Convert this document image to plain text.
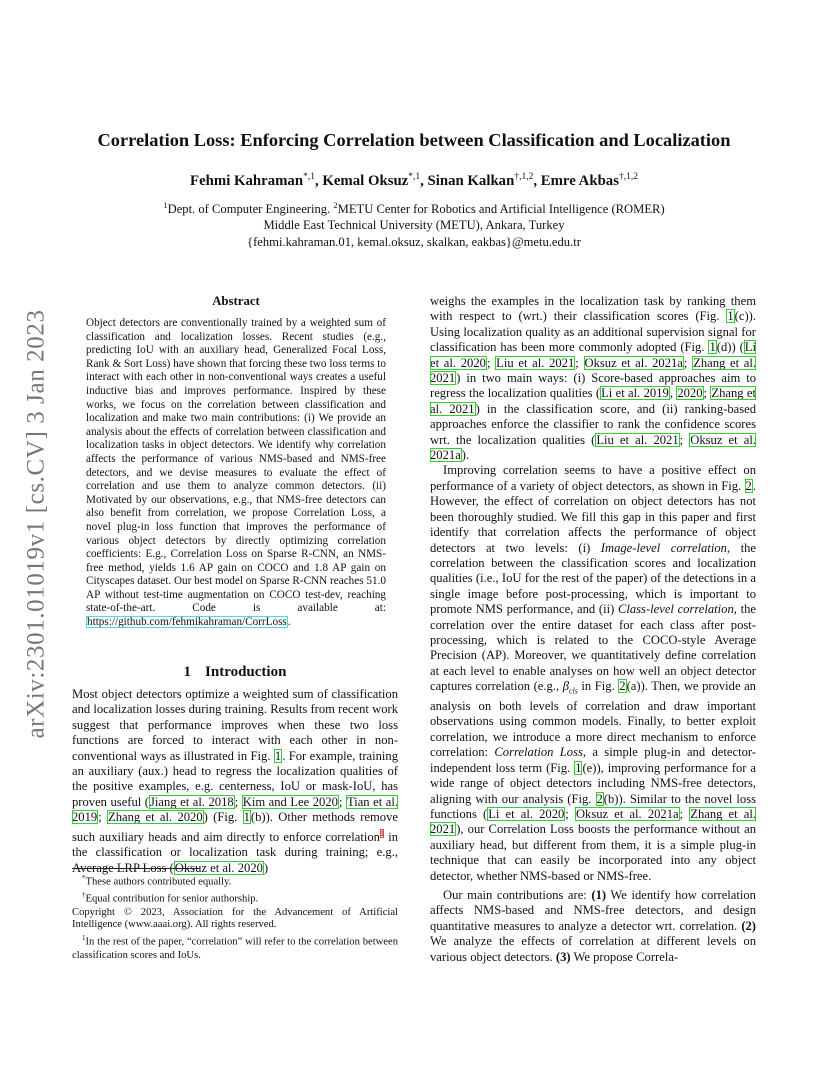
arXiv:2301.01019v1 [cs.CV] 3 Jan 2023
Correlation Loss: Enforcing Correlation between Classification and Localization
Fehmi Kahraman$^{*,1}$, Kemal Oksuz$^{*,1}$, Sinan Kalkan$^{\dagger,1,2}$, Emre Akbas$^{\dagger,1,2}$
$^1$Dept. of Computer Engineering. $^2$METU Center for Robotics and Artificial Intelligence (ROMER)
Middle East Technical University (METU), Ankara, Turkey
{fehmi.kahraman.01, kemal.oksuz, skalkan, eakbas}@metu.edu.tr
Abstract

Object detectors are conventionally trained by a weighted sum of classification and localization losses. Recent studies (e.g., predicting IoU with an auxiliary head, Generalized Focal Loss, Rank & Sort Loss) have shown that forcing these two loss terms to interact with each other in non-conventional ways creates a useful inductive bias and improves performance. Inspired by these works, we focus on the correlation between classification and localization and make two main contributions: (i) We provide an analysis about the effects of correlation between classification and localization tasks in object detectors. We identify why correlation affects the performance of various NMS-based and NMS-free detectors, and we devise measures to evaluate the effect of correlation and use them to analyze common detectors. (ii) Motivated by our observations, e.g., that NMS-free detectors can also benefit from correlation, we propose Correlation Loss, a novel plug-in loss function that improves the performance of various object detectors by directly optimizing correlation coefficients: E.g., Correlation Loss on Sparse R-CNN, an NMS-free method, yields 1.6 AP gain on COCO and 1.8 AP gain on Cityscapes dataset. Our best model on Sparse R-CNN reaches 51.0 AP without test-time augmentation on COCO test-dev, reaching state-of-the-art. Code is available at: https://github.com/fehmikahraman/CorrLoss.

1 Introduction

Most object detectors optimize a weighted sum of classification and localization losses during training. Results from recent work suggest that performance improves when these two loss functions are forced to interact with each other in non-conventional ways as illustrated in Fig. 1. For example, training an auxiliary (aux.) head to regress the localization qualities of the positive examples, e.g. centerness, IoU or mask-IoU, has proven useful (Jiang et al. 2018; Kim and Lee 2020; Tian et al. 2019; Zhang et al. 2020) (Fig. 1(b)). Other methods remove such auxiliary heads and aim directly to enforce correlation$^1$ in the classification or localization task during training; e.g., Average LRP Loss (Oksuz et al. 2020)

*These authors contributed equally.

†Equal contribution for senior authorship.

Copyright © 2023, Association for the Advancement of Artificial Intelligence (www.aaai.org). All rights reserved.

$^1$In the rest of the paper, “correlation” will refer to the correlation between classification scores and IoUs.

weighs the examples in the localization task by ranking them with respect to (wrt.) their classification scores (Fig. 1(c)). Using localization quality as an additional supervision signal for classification has been more commonly adopted (Fig. 1(d)) (Li et al. 2020; Liu et al. 2021; Oksuz et al. 2021a; Zhang et al. 2021) in two main ways: (i) Score-based approaches aim to regress the localization qualities (Li et al. 2019, 2020; Zhang et al. 2021) in the classification score, and (ii) ranking-based approaches enforce the classifier to rank the confidence scores wrt. the localization qualities (Liu et al. 2021; Oksuz et al. 2021a).

Improving correlation seems to have a positive effect on performance of a variety of object detectors, as shown in Fig. 2. However, the effect of correlation on object detectors has not been thoroughly studied. We fill this gap in this paper and first identify that correlation affects the performance of object detectors at two levels: (i) Image-level correlation, the correlation between the classification scores and localization qualities (i.e., IoU for the rest of the paper) of the detections in a single image before post-processing, which is important to promote NMS performance, and (ii) Class-level correlation, the correlation over the entire dataset for each class after post-processing, which is related to the COCO-style Average Precision (AP). Moreover, we quantitatively define correlation at each level to enable analyses on how well an object detector captures correlation (e.g., $\beta_{cls}$ in Fig. 2(a)). Then, we provide an analysis on both levels of correlation and draw important observations using common models. Finally, to better exploit correlation, we introduce a more direct mechanism to enforce correlation: Correlation Loss, a simple plug-in and detector-independent loss term (Fig. 1(e)), improving performance for a wide range of object detectors including NMS-free detectors, aligning with our analysis (Fig. 2(b)). Similar to the novel loss functions (Li et al. 2020; Oksuz et al. 2021a; Zhang et al. 2021), our Correlation Loss boosts the performance without an auxiliary head, but different from them, it is a simple plug-in technique that can easily be incorporated into any object detector, whether NMS-based or NMS-free.

Our main contributions are: (1) We identify how correlation affects NMS-based and NMS-free detectors, and design quantitative measures to analyze a detector wrt. correlation. (2) We analyze the effects of correlation at different levels on various object detectors. (3) We propose Correla-
